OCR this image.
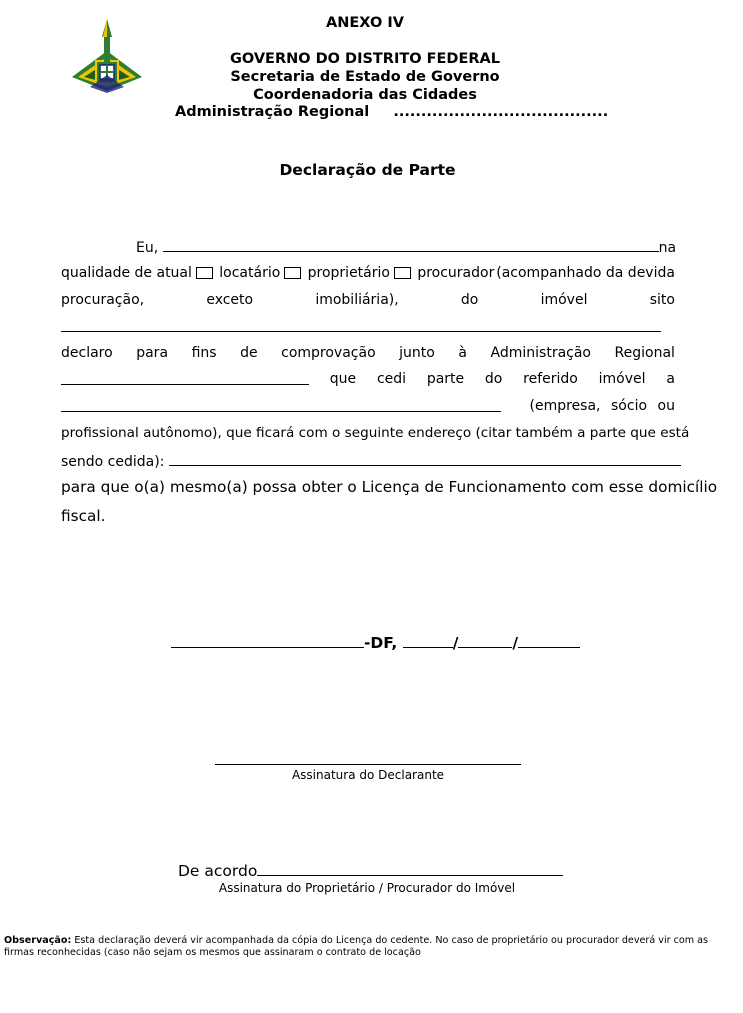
ANEXO IV
GOVERNO DO DISTRITO FEDERAL
Secretaria de Estado de Governo
Coordenadoria das Cidades
Administração Regional .......................................
Declaração de Parte
Eu,	na
qualidade de atual	locatário	proprietário	procurador (acompanhado da devida
procuração,	exceto	imobiliária),	do	imóvel	sito
declaro para fins de comprovação junto à Administração Regional
que cedi parte do referido imóvel a
(empresa, sócio ou
profissional autônomo), que ficará com o seguinte endereço (citar também a parte que está
sendo cedida):
para que o(a) mesmo(a) possa obter o Licença de Funcionamento com esse domicílio
fiscal.
-DF,	/	/
Assinatura do Declarante
De acordo
Assinatura do Proprietário / Procurador do Imóvel
Observação: Esta declaração deverá vir acompanhada da cópia do Licença do cedente. No caso de proprietário ou procurador deverá vir com as firmas reconhecidas (caso não sejam os mesmos que assinaram o contrato de locação
